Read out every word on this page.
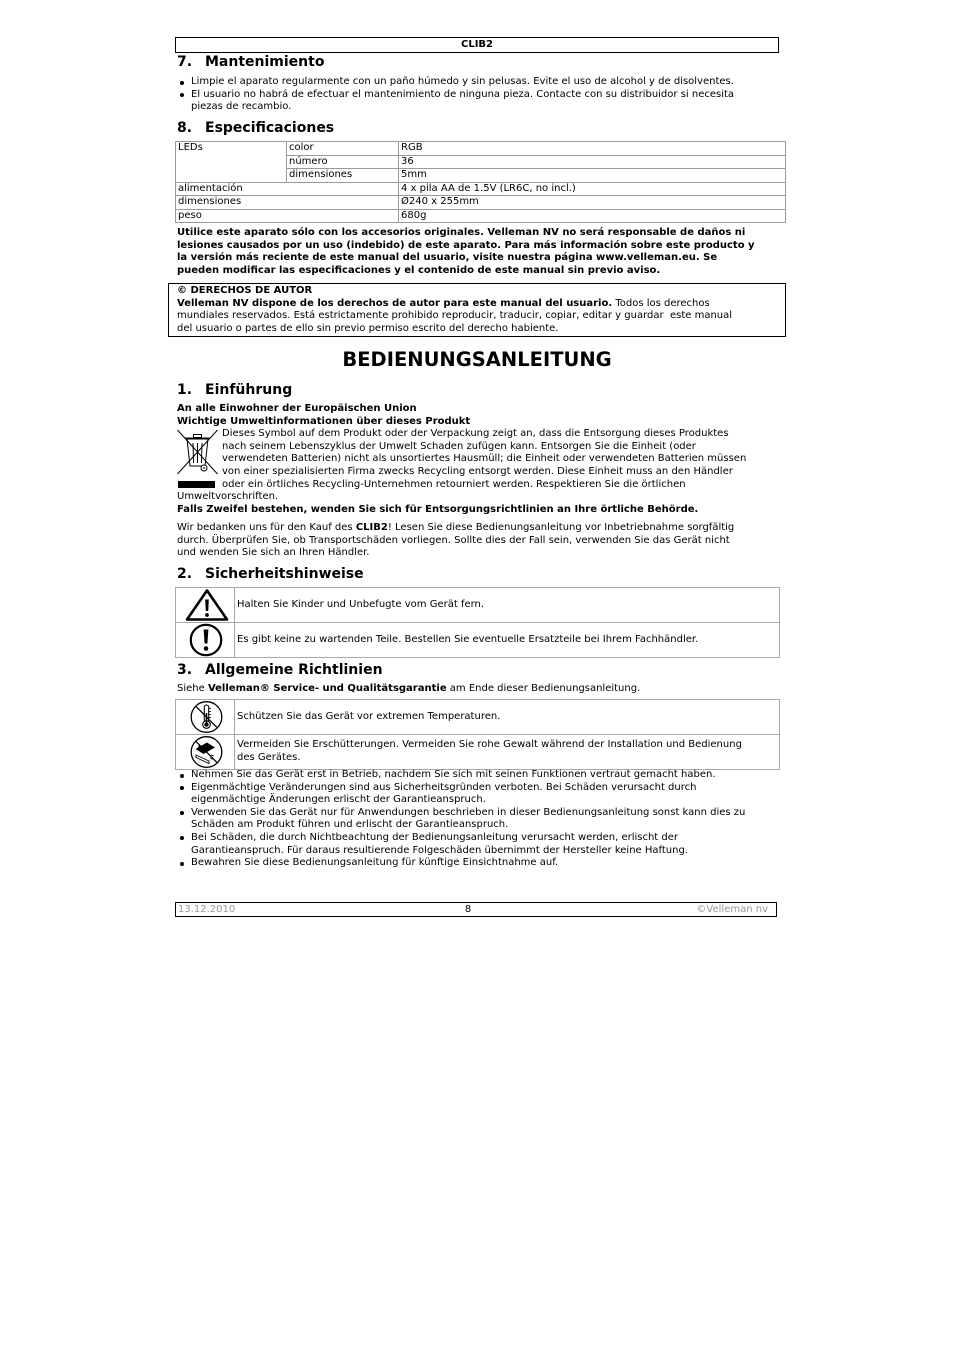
CLIB2

7.

Mantenimiento

Limpie el aparato regularmente con un paño húmedo y sin pelusas. Evite el uso de alcohol y de disolventes.
El usuario no habrá de efectuar el mantenimiento de ninguna pieza. Contacte con su distribuidor si necesita
piezas de recambio.

8.

Especificaciones

LEDs	color	RGB
	número	36
	dimensiones	5mm
alimentación		4 x pila AA de 1.5V (LR6C, no incl.)
dimensiones		Ø240 x 255mm
peso		680g
Utilice este aparato sólo con los accesorios originales. Velleman NV no será responsable de daños ni
lesiones causados por un uso (indebido) de este aparato. Para más información sobre este producto y
la versión más reciente de este manual del usuario, visite nuestra página www.velleman.eu. Se
pueden modificar las especificaciones y el contenido de este manual sin previo aviso.
© DERECHOS DE AUTOR
Velleman NV dispone de los derechos de autor para este manual del usuario. Todos los derechos
mundiales reservados. Está estrictamente prohibido reproducir, traducir, copiar, editar y guardar  este manual
del usuario o partes de ello sin previo permiso escrito del derecho habiente.
BEDIENUNGSANLEITUNG

1.

Einführung

An alle Einwohner der Europäischen Union
Wichtige Umweltinformationen über dieses Produkt
Dieses Symbol auf dem Produkt oder der Verpackung zeigt an, dass die Entsorgung dieses Produktes
nach seinem Lebenszyklus der Umwelt Schaden zufügen kann. Entsorgen Sie die Einheit (oder
verwendeten Batterien) nicht als unsortiertes Hausmüll; die Einheit oder verwendeten Batterien müssen
von einer spezialisierten Firma zwecks Recycling entsorgt werden. Diese Einheit muss an den Händler
oder ein örtliches Recycling-Unternehmen retourniert werden. Respektieren Sie die örtlichen
Umweltvorschriften.
Falls Zweifel bestehen, wenden Sie sich für Entsorgungsrichtlinien an Ihre örtliche Behörde.
Wir bedanken uns für den Kauf des CLIB2! Lesen Sie diese Bedienungsanleitung vor Inbetriebnahme sorgfältig
durch. Überprüfen Sie, ob Transportschäden vorliegen. Sollte dies der Fall sein, verwenden Sie das Gerät nicht
und wenden Sie sich an Ihren Händler.

2.

Sicherheitshinweise

Halten Sie Kinder und Unbefugte vom Gerät fern.

Es gibt keine zu wartenden Teile. Bestellen Sie eventuelle Ersatzteile bei Ihrem Fachhändler.

3.

Allgemeine Richtlinien

Siehe Velleman® Service- und Qualitätsgarantie am Ende dieser Bedienungsanleitung.

Schützen Sie das Gerät vor extremen Temperaturen.

Vermeiden Sie Erschütterungen. Vermeiden Sie rohe Gewalt während der Installation und Bedienung
des Gerätes.
Nehmen Sie das Gerät erst in Betrieb, nachdem Sie sich mit seinen Funktionen vertraut gemacht haben.
Eigenmächtige Veränderungen sind aus Sicherheitsgründen verboten. Bei Schäden verursacht durch
eigenmächtige Änderungen erlischt der Garantieanspruch.
Verwenden Sie das Gerät nur für Anwendungen beschrieben in dieser Bedienungsanleitung sonst kann dies zu
Schäden am Produkt führen und erlischt der Garantieanspruch.
Bei Schäden, die durch Nichtbeachtung der Bedienungsanleitung verursacht werden, erlischt der
Garantieanspruch. Für daraus resultierende Folgeschäden übernimmt der Hersteller keine Haftung.
Bewahren Sie diese Bedienungsanleitung für künftige Einsichtnahme auf.
13.12.2010	8	©Velleman nv
